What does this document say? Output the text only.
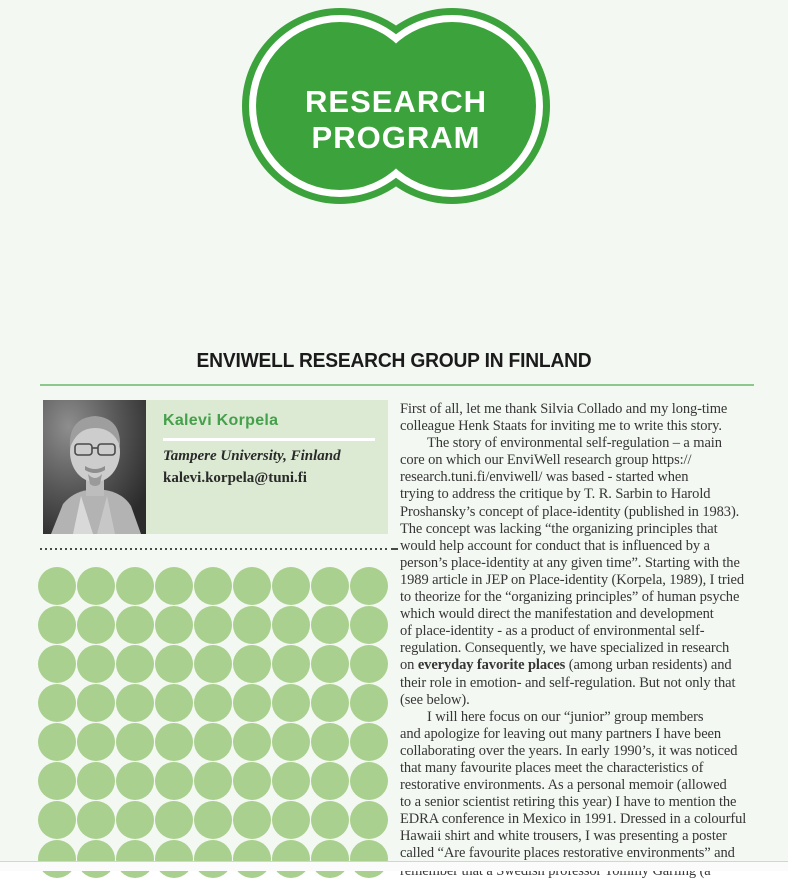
RESEARCH
PROGRAM
ENVIWELL RESEARCH GROUP IN FINLAND
Kalevi Korpela
Tampere University, Finland
kalevi.korpela@tuni.fi
First of all, let me thank Silvia Collado and my long-time
colleague Henk Staats for inviting me to write this story.
The story of environmental self-regulation – a main
core on which our EnviWell research group https://
research.tuni.fi/enviwell/ was based - started when
trying to address the critique by T. R. Sarbin to Harold
Proshansky’s concept of place-identity (published in 1983).
The concept was lacking “the organizing principles that
would help account for conduct that is influenced by a
person’s place-identity at any given time”. Starting with the
1989 article in JEP on Place-identity (Korpela, 1989), I tried
to theorize for the “organizing principles” of human psyche
which would direct the manifestation and development
of place-identity - as a product of environmental self-
regulation. Consequently, we have specialized in research
on everyday favorite places (among urban residents) and
their role in emotion- and self-regulation. But not only that
(see below).
I will here focus on our “junior” group members
and apologize for leaving out many partners I have been
collaborating over the years. In early 1990’s, it was noticed
that many favourite places meet the characteristics of
restorative environments. As a personal memoir (allowed
to a senior scientist retiring this year) I have to mention the
EDRA conference in Mexico in 1991. Dressed in a colourful
Hawaii shirt and white trousers, I was presenting a poster
called “Are favourite places restorative environments” and
